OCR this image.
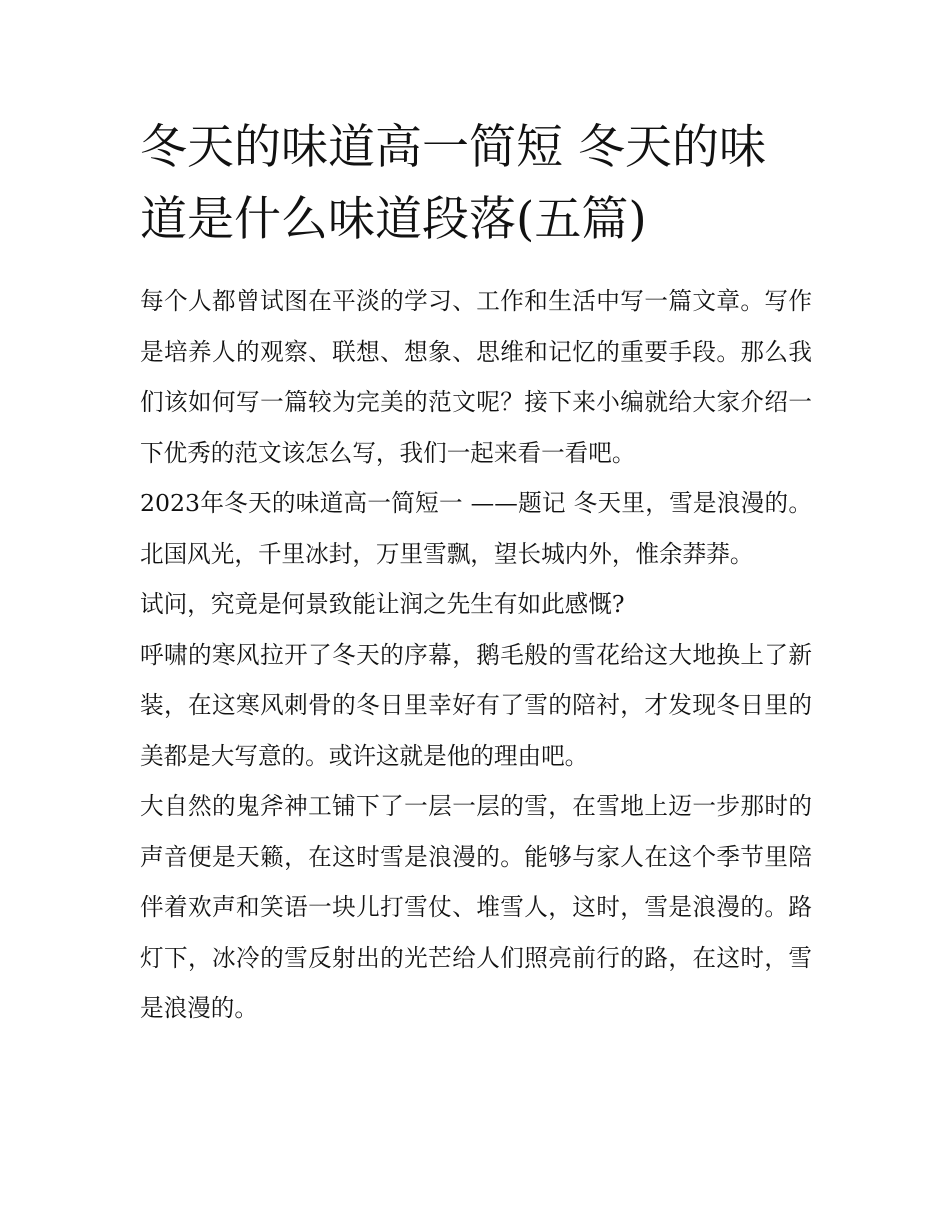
冬天的味道高一简短 冬天的味道是什么味道段落(五篇)

每个人都曾试图在平淡的学习、工作和生活中写一篇文章。写作是培养人的观察、联想、想象、思维和记忆的重要手段。那么我们该如何写一篇较为完美的范文呢？接下来小编就给大家介绍一下优秀的范文该怎么写，我们一起来看一看吧。

2023年冬天的味道高一简短一 ——题记 冬天里，雪是浪漫的。 北国风光，千里冰封，万里雪飘，望长城内外，惟余莽莽。

试问，究竟是何景致能让润之先生有如此感慨?

呼啸的寒风拉开了冬天的序幕，鹅毛般的雪花给这大地换上了新装，在这寒风刺骨的冬日里幸好有了雪的陪衬，才发现冬日里的美都是大写意的。或许这就是他的理由吧。

大自然的鬼斧神工铺下了一层一层的雪，在雪地上迈一步那时的声音便是天籁，在这时雪是浪漫的。能够与家人在这个季节里陪伴着欢声和笑语一块儿打雪仗、堆雪人，这时，雪是浪漫的。路灯下，冰冷的雪反射出的光芒给人们照亮前行的路，在这时，雪是浪漫的。
